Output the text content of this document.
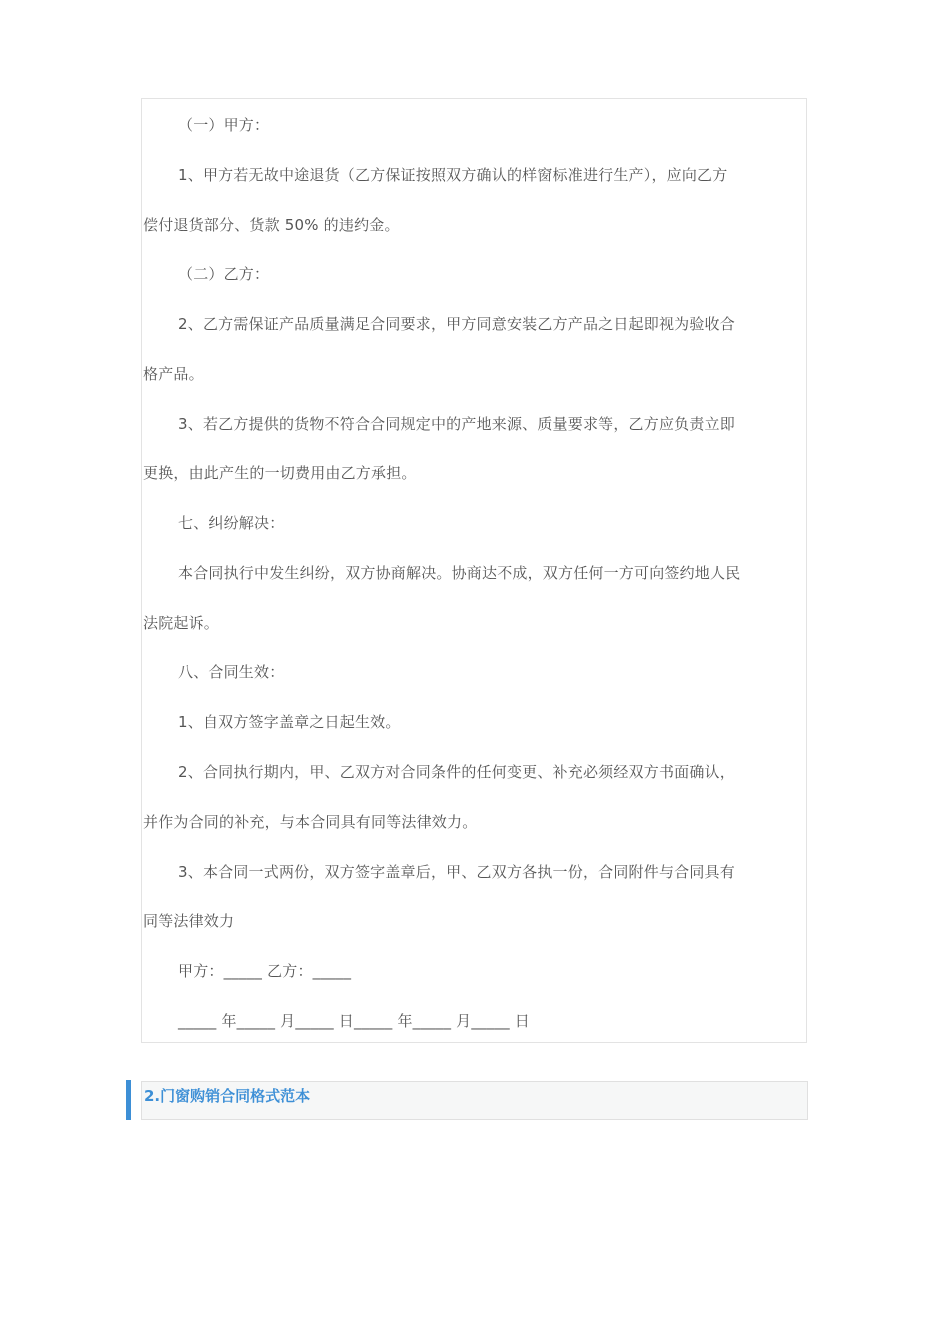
（一）甲方：
1、甲方若无故中途退货（乙方保证按照双方确认的样窗标准进行生产），应向乙方
偿付退货部分、货款 50% 的违约金。
（二）乙方：
2、乙方需保证产品质量满足合同要求，甲方同意安装乙方产品之日起即视为验收合
格产品。
3、若乙方提供的货物不符合合同规定中的产地来源、质量要求等，乙方应负责立即
更换，由此产生的一切费用由乙方承担。
七、纠纷解决：
本合同执行中发生纠纷，双方协商解决。协商达不成，双方任何一方可向签约地人民
法院起诉。
八、合同生效：
1、自双方签字盖章之日起生效。
2、合同执行期内，甲、乙双方对合同条件的任何变更、补充必须经双方书面确认，
并作为合同的补充，与本合同具有同等法律效力。
3、本合同一式两份，双方签字盖章后，甲、乙双方各执一份，合同附件与合同具有
同等法律效力
甲方：_____ 乙方：_____
_____ 年_____ 月_____ 日_____ 年_____ 月_____ 日
2.门窗购销合同格式范本
